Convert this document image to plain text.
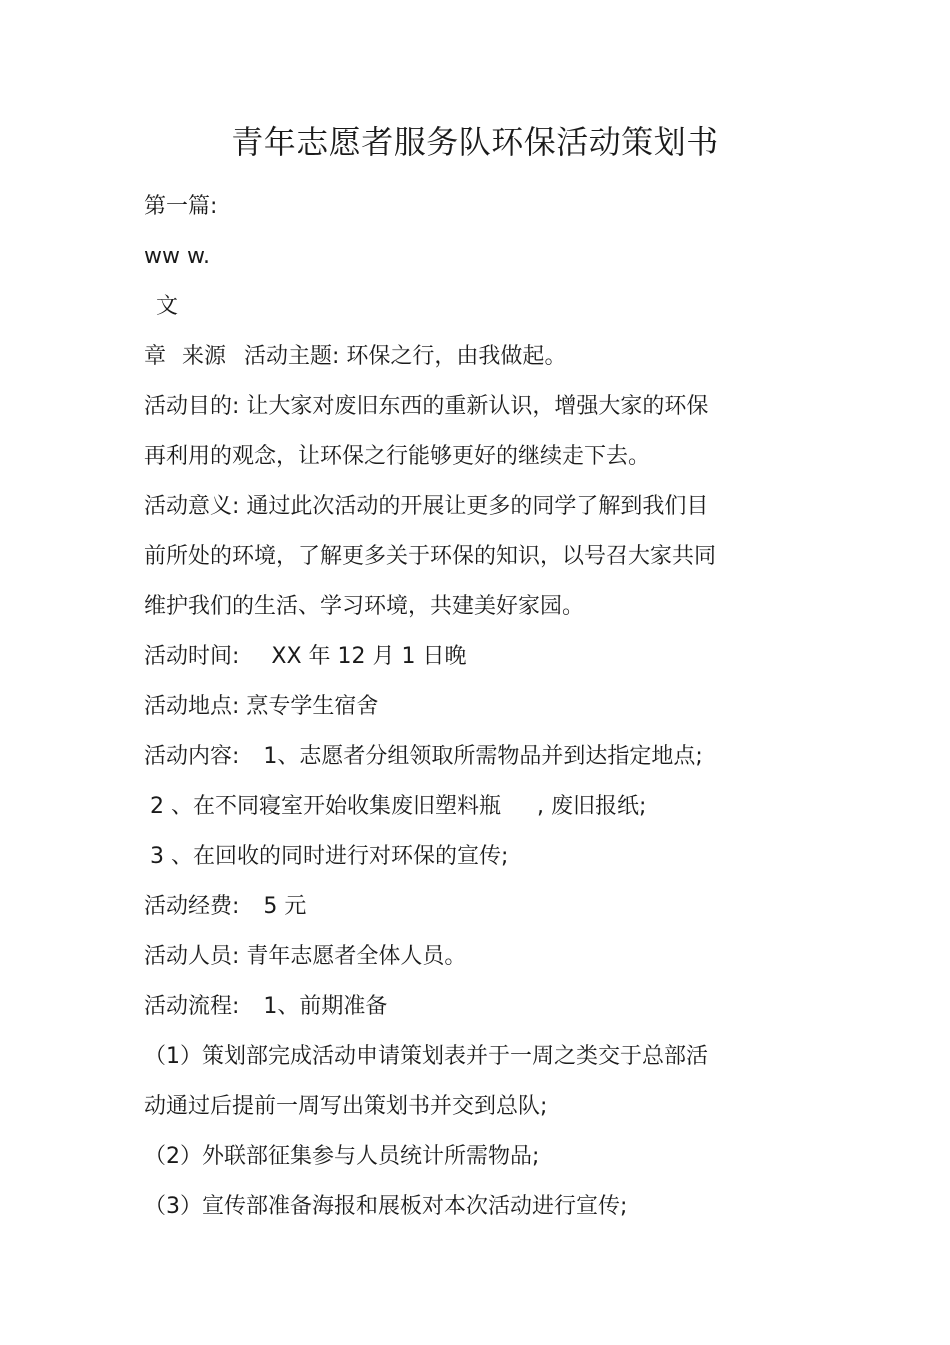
青年志愿者服务队环保活动策划书
第一篇:
ww w.
文
章 来源 活动主题: 环保之行，由我做起。
活动目的: 让大家对废旧东西的重新认识，增强大家的环保
再利用的观念，让环保之行能够更好的继续走下去。
活动意义: 通过此次活动的开展让更多的同学了解到我们目
前所处的环境，了解更多关于环保的知识，以号召大家共同
维护我们的生活、学习环境，共建美好家园。
活动时间: XX 年 12 月 1 日晚
活动地点: 烹专学生宿舍
活动内容: 1、志愿者分组领取所需物品并到达指定地点;
2 、在不同寝室开始收集废旧塑料瓶 , 废旧报纸;
3 、在回收的同时进行对环保的宣传;
活动经费: 5 元
活动人员: 青年志愿者全体人员。
活动流程: 1、前期准备
（1）策划部完成活动申请策划表并于一周之类交于总部活
动通过后提前一周写出策划书并交到总队;
（2）外联部征集参与人员统计所需物品;
（3）宣传部准备海报和展板对本次活动进行宣传;
